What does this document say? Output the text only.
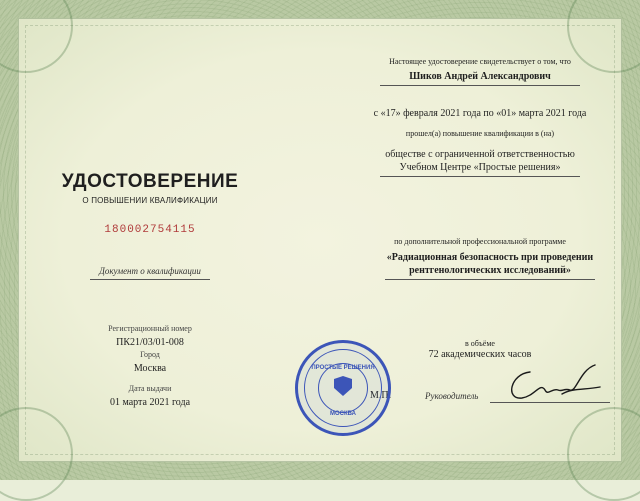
УДОСТОВЕРЕНИЕ
О ПОВЫШЕНИИ КВАЛИФИКАЦИИ
180002754115
Документ о квалификации
Регистрационный номер
ПК21/03/01-008
Город
Москва
Дата выдачи
01 марта 2021 года
Настоящее удостоверение свидетельствует о том, что
Шиков Андрей Александрович
с «17» февраля 2021 года по «01» марта 2021 года
прошел(а) повышение квалификации в (на)
обществе с ограниченной ответственностью
Учебном Центре «Простые решения»
по дополнительной профессиональной программе
«Радиационная безопасность при проведении
рентгенологических исследований»
в объёме
72 академических часов
М.П.	Руководитель
ПРОСТЫЕ РЕШЕНИЯ
МОСКВА
